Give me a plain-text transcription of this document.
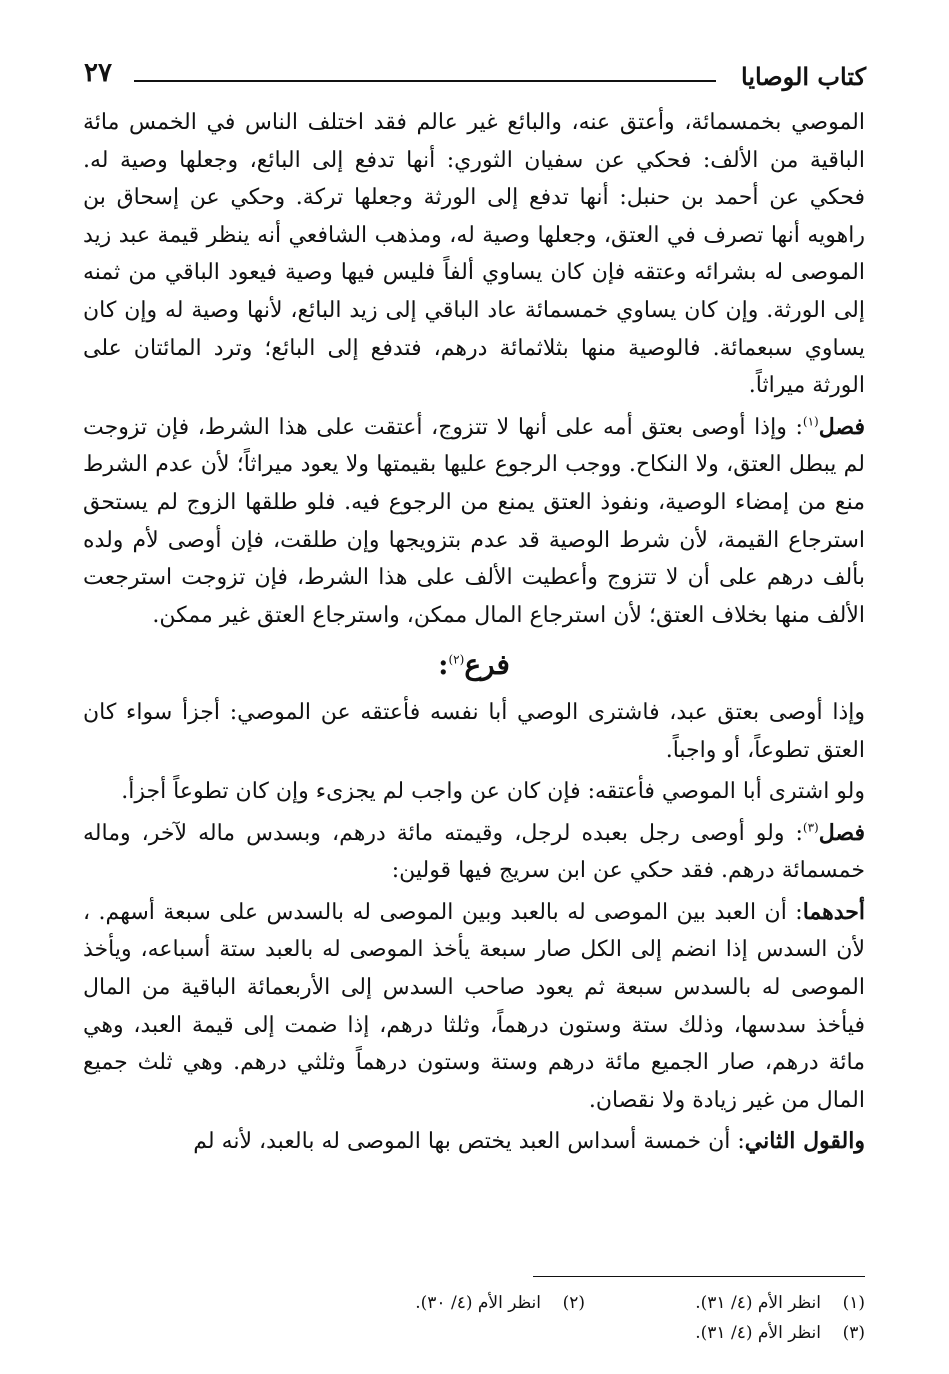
كتاب الوصايا
٢٧

الموصي بخمسمائة، وأعتق عنه، والبائع غير عالم فقد اختلف الناس في الخمس مائة الباقية من الألف: فحكي عن سفيان الثوري: أنها تدفع إلى البائع، وجعلها وصية له. فحكي عن أحمد بن حنبل: أنها تدفع إلى الورثة وجعلها تركة. وحكي عن إسحاق بن راهويه أنها تصرف في العتق، وجعلها وصية له، ومذهب الشافعي أنه ينظر قيمة عبد زيد الموصى له بشرائه وعتقه فإن كان يساوي ألفاً فليس فيها وصية فيعود الباقي من ثمنه إلى الورثة. وإن كان يساوي خمسمائة عاد الباقي إلى زيد البائع، لأنها وصية له وإن كان يساوي سبعمائة. فالوصية منها بثلاثمائة درهم، فتدفع إلى البائع؛ وترد المائتان على الورثة ميراثاً.

فصل$^{(١)}$: وإذا أوصى بعتق أمه على أنها لا تتزوج، أعتقت على هذا الشرط، فإن تزوجت لم يبطل العتق، ولا النكاح. ووجب الرجوع عليها بقيمتها ولا يعود ميراثاً؛ لأن عدم الشرط منع من إمضاء الوصية، ونفوذ العتق يمنع من الرجوع فيه. فلو طلقها الزوج لم يستحق استرجاع القيمة، لأن شرط الوصية قد عدم بتزويجها وإن طلقت، فإن أوصى لأم ولده بألف درهم على أن لا تتزوج وأعطيت الألف على هذا الشرط، فإن تزوجت استرجعت الألف منها بخلاف العتق؛ لأن استرجاع المال ممكن، واسترجاع العتق غير ممكن.

فرع$^{(٢)}$:

وإذا أوصى بعتق عبد، فاشترى الوصي أبا نفسه فأعتقه عن الموصي: أجزأ سواء كان العتق تطوعاً، أو واجباً.

ولو اشترى أبا الموصي فأعتقه: فإن كان عن واجب لم يجزىء وإن كان تطوعاً أجزأ.

فصل$^{(٣)}$: ولو أوصى رجل بعبده لرجل، وقيمته مائة درهم، وبسدس ماله لآخر، وماله خمسمائة درهم. فقد حكي عن ابن سريج فيها قولين:

أحدهما: أن العبد بين الموصى له بالعبد وبين الموصى له بالسدس على سبعة أسهم. ، لأن السدس إذا انضم إلى الكل صار سبعة يأخذ الموصى له بالعبد ستة أسباعه، ويأخذ الموصى له بالسدس سبعة ثم يعود صاحب السدس إلى الأربعمائة الباقية من المال فيأخذ سدسها، وذلك ستة وستون درهماً، وثلثا درهم، إذا ضمت إلى قيمة العبد، وهي مائة درهم، صار الجميع مائة درهم وستة وستون درهماً وثلثي درهم. وهي ثلث جميع المال من غير زيادة ولا نقصان.

والقول الثاني: أن خمسة أسداس العبد يختص بها الموصى له بالعبد، لأنه لم

(١)
انظر الأم (٤/ ٣١).
(٢)
انظر الأم (٤/ ٣٠).
(٣)
انظر الأم (٤/ ٣١).
